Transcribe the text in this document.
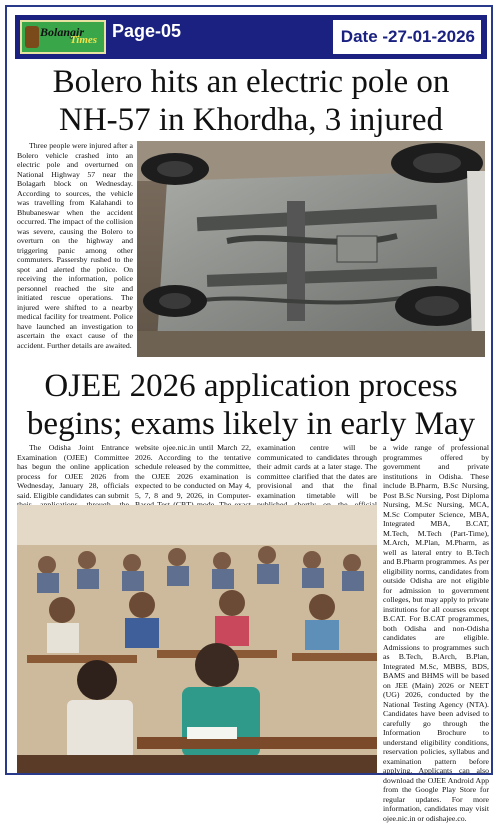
Bolangir
Times Page-05	Date -27-01-2026
Bolero hits an electric pole on
NH-57 in Khordha, 3 injured

Three people were injured after a Bolero vehicle crashed into an electric pole and overturned on National Highway 57 near the Bolagarh block on Wednesday. According to sources, the vehicle was travelling from Kalahandi to Bhubaneswar when the accident occurred. The impact of the collision was severe, causing the Bolero to overturn on the highway and triggering panic among other commuters. Passersby rushed to the spot and alerted the police. On receiving the information, police personnel reached the site and initiated rescue operations. The injured were shifted to a nearby medical facility for treatment. Police have launched an investigation to ascertain the exact cause of the accident. Further details are awaited.

OJEE 2026 application process
begins; exams likely in early May

The Odisha Joint Entrance Examination (OJEE) Committee has begun the online application process for OJEE 2026 from Wednesday, January 28, officials said. Eligible candidates can submit

website ojee.nic.in until March 22, 2026. According to the tentative schedule released by the committee, the OJEE 2026 examination is expected to be conducted on May 4, 5, 7, 8 and 9, 2026, in Computer-

examination centre will be communicated to candidates through their admit cards at a later stage. The committee clarified that the dates are provisional and that the final examination timetable will be

a wide range of professional programmes offered by government and private institutions in Odisha. These include B.Pharm, B.Sc Nursing, Post B.Sc Nursing, Post Diploma Nursing, M.Sc Nursing, MCA, M.Sc Computer Science, MBA, Integrated MBA, B.CAT, M.Tech, M.Tech (Part-Time), M.Arch, M.Plan, M.Pharm, as well as lateral entry to B.Tech and B.Pharm programmes. As per eligibility norms, candidates from outside Odisha are not eligible for admission to government colleges, but may apply to private institutions for all courses except B.CAT. For B.CAT programmes, both Odisha and non-Odisha candidates are eligible. Admissions to programmes such as B.Tech, B.Arch, B.Plan, Integrated M.Sc, MBBS, BDS, BAMS and BHMS will be based on JEE (Main) 2026 or NEET (UG) 2026, conducted by the National Testing Agency (NTA). Candidates have been advised to carefully go through the Information Brochure to understand eligibility conditions, reservation policies, syllabus and examination pattern before applying. Applicants can also download the OJEE Android App from the Google Play Store for regular updates. For more information, candidates may visit ojee.nic.in or odishajee.co.
